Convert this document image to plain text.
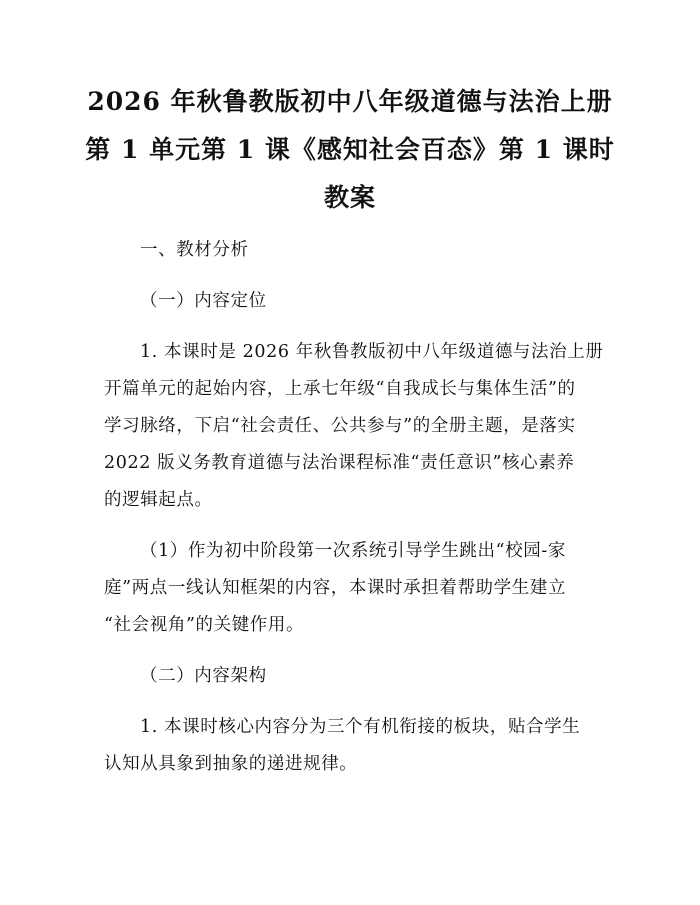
2026 年秋鲁教版初中八年级道德与法治上册
第 1 单元第 1 课《感知社会百态》第 1 课时
教案

一、教材分析

（一）内容定位

1. 本课时是 2026 年秋鲁教版初中八年级道德与法治上册
开篇单元的起始内容，上承七年级“自我成长与集体生活”的
学习脉络，下启“社会责任、公共参与”的全册主题，是落实
2022 版义务教育道德与法治课程标准“责任意识”核心素养
的逻辑起点。
（1）作为初中阶段第一次系统引导学生跳出“校园-家
庭”两点一线认知框架的内容，本课时承担着帮助学生建立
“社会视角”的关键作用。

（二）内容架构

1. 本课时核心内容分为三个有机衔接的板块，贴合学生
认知从具象到抽象的递进规律。
